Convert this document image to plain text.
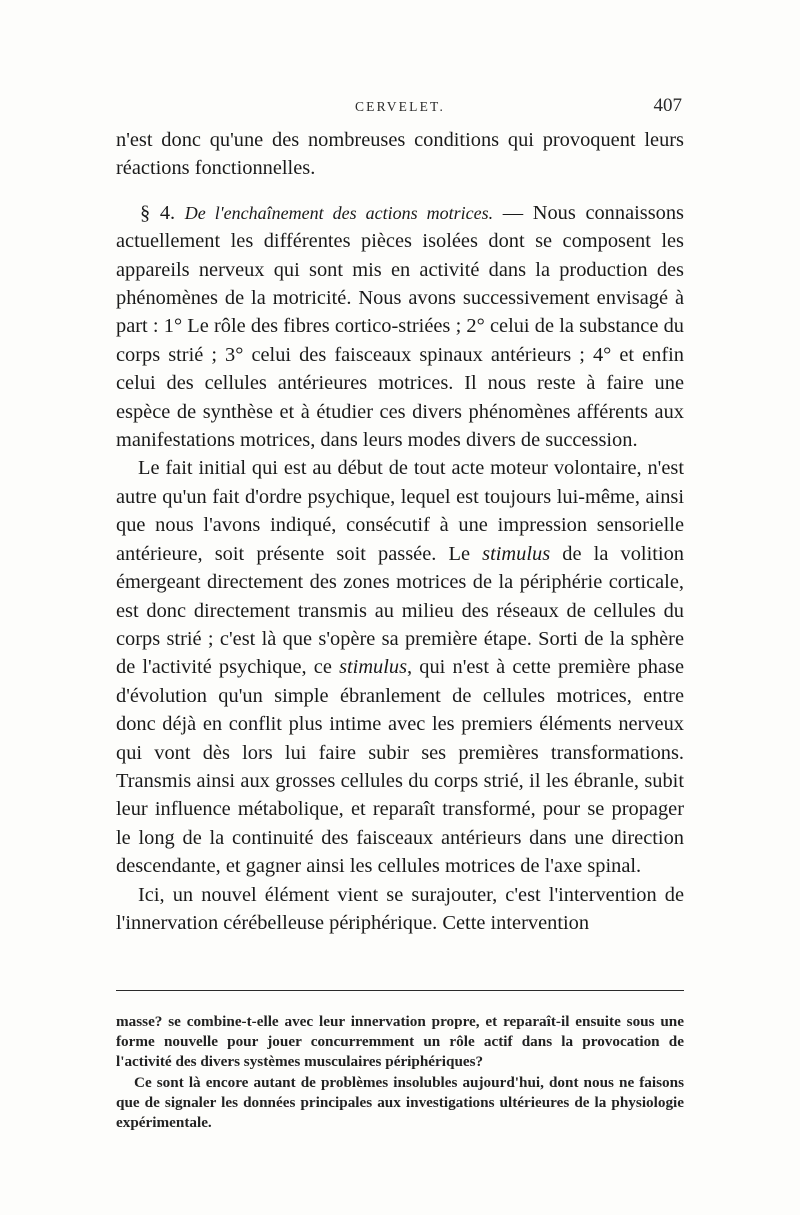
CERVELET.	407

n'est donc qu'une des nombreuses conditions qui provoquent leurs réactions fonctionnelles.

§ 4. De l'enchaînement des actions motrices. — Nous connaissons actuellement les différentes pièces isolées dont se composent les appareils nerveux qui sont mis en activité dans la production des phénomènes de la motricité. Nous avons successivement envisagé à part : 1° Le rôle des fibres cortico-striées ; 2° celui de la substance du corps strié ; 3° celui des faisceaux spinaux antérieurs ; 4° et enfin celui des cellules antérieures motrices. Il nous reste à faire une espèce de synthèse et à étudier ces divers phénomènes afférents aux manifestations motrices, dans leurs modes divers de succession.

Le fait initial qui est au début de tout acte moteur volontaire, n'est autre qu'un fait d'ordre psychique, lequel est toujours lui-même, ainsi que nous l'avons indiqué, consécutif à une impression sensorielle antérieure, soit présente soit passée. Le stimulus de la volition émergeant directement des zones motrices de la périphérie corticale, est donc directement transmis au milieu des réseaux de cellules du corps strié ; c'est là que s'opère sa première étape. Sorti de la sphère de l'activité psychique, ce stimulus, qui n'est à cette première phase d'évolution qu'un simple ébranlement de cellules motrices, entre donc déjà en conflit plus intime avec les premiers éléments nerveux qui vont dès lors lui faire subir ses premières transformations. Transmis ainsi aux grosses cellules du corps strié, il les ébranle, subit leur influence métabolique, et reparaît transformé, pour se propager le long de la continuité des faisceaux antérieurs dans une direction descendante, et gagner ainsi les cellules motrices de l'axe spinal.

Ici, un nouvel élément vient se surajouter, c'est l'intervention de l'innervation cérébelleuse périphérique. Cette intervention

masse? se combine-t-elle avec leur innervation propre, et reparaît-il ensuite sous une forme nouvelle pour jouer concurremment un rôle actif dans la provocation de l'activité des divers systèmes musculaires périphériques?

Ce sont là encore autant de problèmes insolubles aujourd'hui, dont nous ne faisons que de signaler les données principales aux investigations ultérieures de la physiologie expérimentale.
